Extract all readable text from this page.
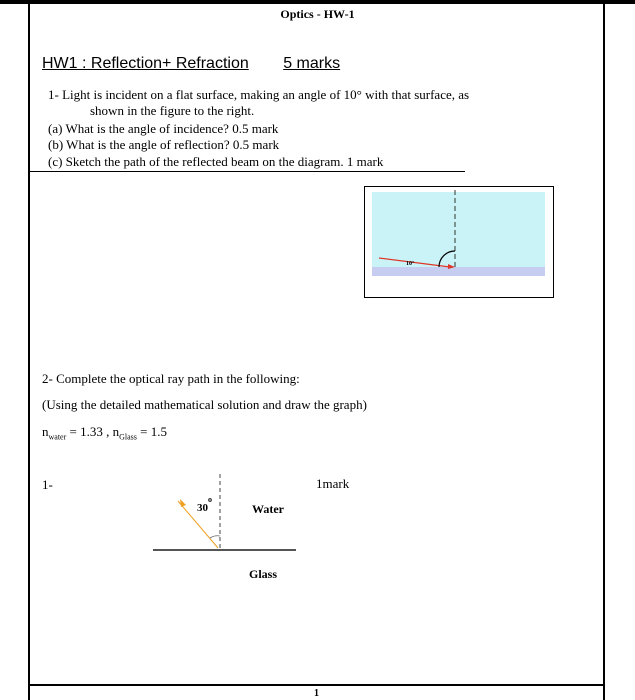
Optics - HW-1
HW1 : Reflection+ Refraction 5 marks
1- Light is incident on a flat surface, making an angle of 10° with that surface, as
shown in the figure to the right.
(a) What is the angle of incidence? 0.5 mark
(b) What is the angle of reflection? 0.5 mark
(c) Sketch the path of the reflected beam on the diagram. 1 mark
10°
2- Complete the optical ray path in the following:
(Using the detailed mathematical solution and draw the graph)
$n_{water} = 1.33$ , $n_{Glass} = 1.5$
1-	1mark
30
o
Water
Glass
1
